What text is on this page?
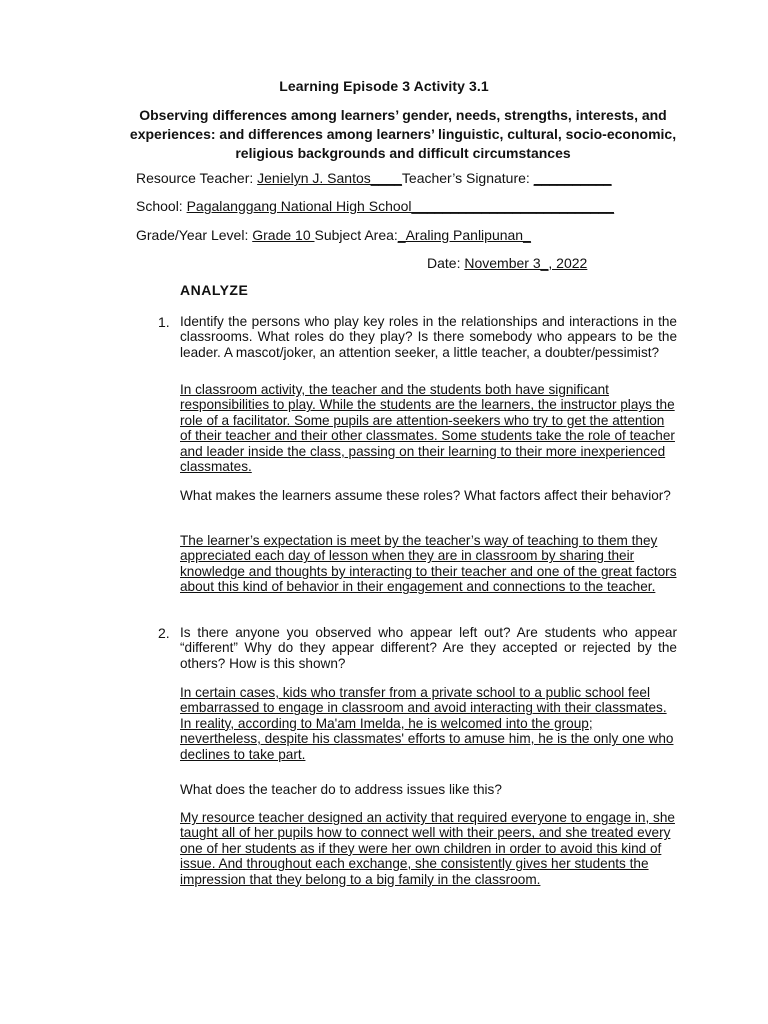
Learning Episode 3 Activity 3.1
Observing differences among learners’ gender, needs, strengths, interests, and experiences: and differences among learners’ linguistic, cultural, socio-economic, religious backgrounds and difficult circumstances
Resource Teacher: Jenielyn J. Santos____Teacher’s Signature: __________
School: Pagalanggang National High School__________________________
Grade/Year Level: Grade 10 Subject Area:_Araling Panlipunan_
Date: November 3_, 2022
ANALYZE
1. Identify the persons who play key roles in the relationships and interactions in the classrooms. What roles do they play? Is there somebody who appears to be the leader. A mascot/joker, an attention seeker, a little teacher, a doubter/pessimist?
In classroom activity, the teacher and the students both have significant responsibilities to play. While the students are the learners, the instructor plays the role of a facilitator. Some pupils are attention-seekers who try to get the attention of their teacher and their other classmates. Some students take the role of teacher and leader inside the class, passing on their learning to their more inexperienced classmates.
What makes the learners assume these roles? What factors affect their behavior?
The learner’s expectation is meet by the teacher’s way of teaching to them they appreciated each day of lesson when they are in classroom by sharing their knowledge and thoughts by interacting to their teacher and one of the great factors about this kind of behavior in their engagement and connections to the teacher.
2. Is there anyone you observed who appear left out? Are students who appear “different” Why do they appear different? Are they accepted or rejected by the others? How is this shown?
In certain cases, kids who transfer from a private school to a public school feel embarrassed to engage in classroom and avoid interacting with their classmates. In reality, according to Ma'am Imelda, he is welcomed into the group; nevertheless, despite his classmates' efforts to amuse him, he is the only one who declines to take part.
What does the teacher do to address issues like this?
My resource teacher designed an activity that required everyone to engage in, she taught all of her pupils how to connect well with their peers, and she treated every one of her students as if they were her own children in order to avoid this kind of issue. And throughout each exchange, she consistently gives her students the impression that they belong to a big family in the classroom.
